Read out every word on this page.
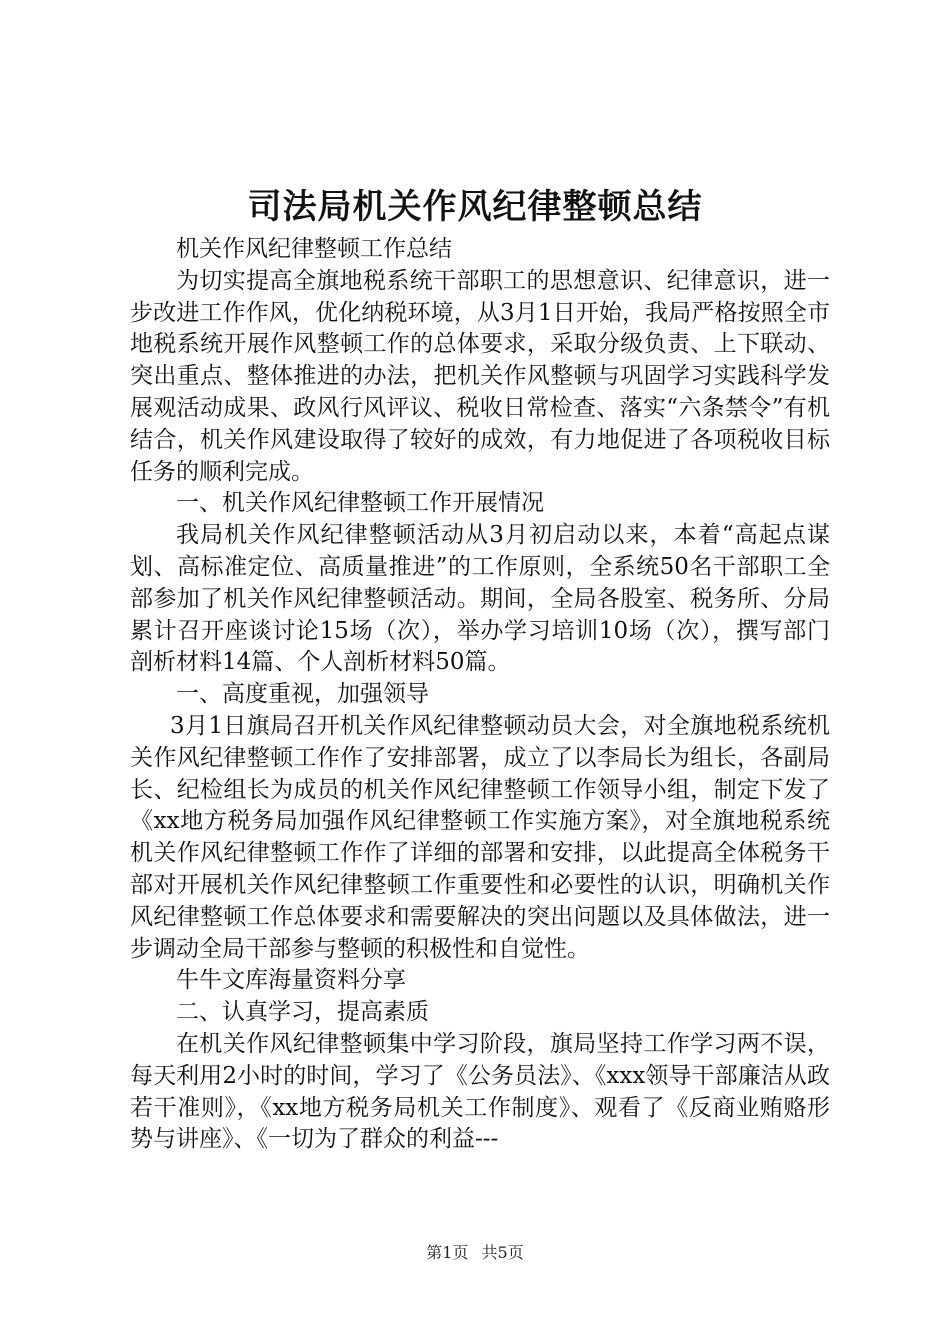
司法局机关作风纪律整顿总结

机关作风纪律整顿工作总结

为切实提高全旗地税系统干部职工的思想意识、纪律意识，进一步改进工作作风，优化纳税环境，从3月1日开始，我局严格按照全市地税系统开展作风整顿工作的总体要求，采取分级负责、上下联动、突出重点、整体推进的办法，把机关作风整顿与巩固学习实践科学发展观活动成果、政风行风评议、税收日常检查、落实“六条禁令”有机结合，机关作风建设取得了较好的成效，有力地促进了各项税收目标任务的顺利完成。

一、机关作风纪律整顿工作开展情况

我局机关作风纪律整顿活动从3月初启动以来，本着“高起点谋划、高标准定位、高质量推进”的工作原则，全系统50名干部职工全部参加了机关作风纪律整顿活动。期间，全局各股室、税务所、分局累计召开座谈讨论15场（次），举办学习培训10场（次），撰写部门剖析材料14篇、个人剖析材料50篇。

一、高度重视，加强领导

3月1日旗局召开机关作风纪律整顿动员大会，对全旗地税系统机关作风纪律整顿工作作了安排部署，成立了以李局长为组长，各副局长、纪检组长为成员的机关作风纪律整顿工作领导小组，制定下发了《xx地方税务局加强作风纪律整顿工作实施方案》，对全旗地税系统机关作风纪律整顿工作作了详细的部署和安排，以此提高全体税务干部对开展机关作风纪律整顿工作重要性和必要性的认识，明确机关作风纪律整顿工作总体要求和需要解决的突出问题以及具体做法，进一步调动全局干部参与整顿的积极性和自觉性。

牛牛文库海量资料分享

二、认真学习，提高素质

在机关作风纪律整顿集中学习阶段，旗局坚持工作学习两不误，每天利用2小时的时间，学习了《公务员法》、《xxx领导干部廉洁从政若干准则》，《xx地方税务局机关工作制度》、观看了《反商业贿赂形势与讲座》、《一切为了群众的利益---

第1页 共5页
